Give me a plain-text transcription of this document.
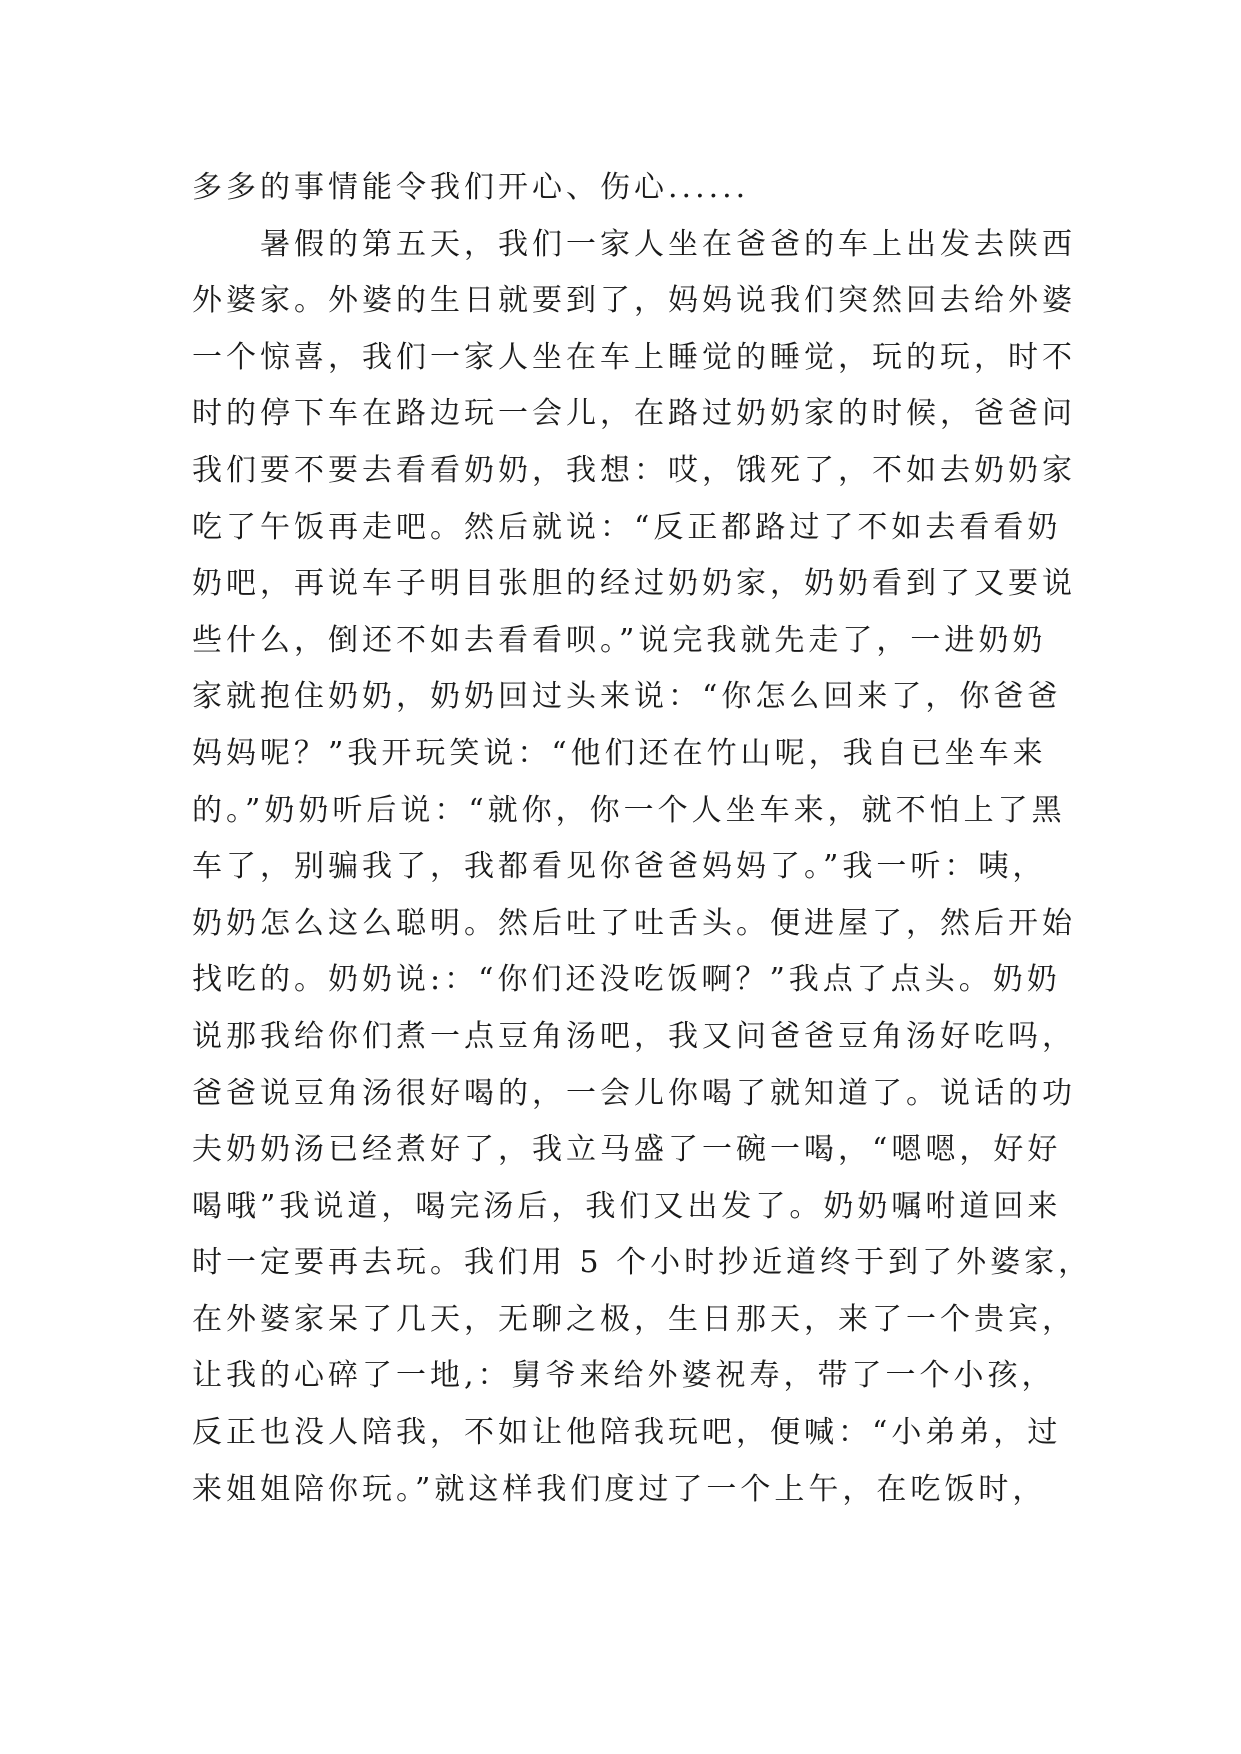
多多的事情能令我们开心、伤心......
　　暑假的第五天，我们一家人坐在爸爸的车上出发去陕西
外婆家。外婆的生日就要到了，妈妈说我们突然回去给外婆
一个惊喜，我们一家人坐在车上睡觉的睡觉，玩的玩，时不
时的停下车在路边玩一会儿，在路过奶奶家的时候，爸爸问
我们要不要去看看奶奶，我想：哎，饿死了，不如去奶奶家
吃了午饭再走吧。然后就说：“反正都路过了不如去看看奶
奶吧，再说车子明目张胆的经过奶奶家，奶奶看到了又要说
些什么，倒还不如去看看呗。”说完我就先走了，一进奶奶
家就抱住奶奶，奶奶回过头来说：“你怎么回来了，你爸爸
妈妈呢？”我开玩笑说：“他们还在竹山呢，我自已坐车来
的。”奶奶听后说：“就你，你一个人坐车来，就不怕上了黑
车了，别骗我了，我都看见你爸爸妈妈了。”我一听：咦，
奶奶怎么这么聪明。然后吐了吐舌头。便进屋了，然后开始
找吃的。奶奶说:：“你们还没吃饭啊？”我点了点头。奶奶
说那我给你们煮一点豆角汤吧，我又问爸爸豆角汤好吃吗，
爸爸说豆角汤很好喝的，一会儿你喝了就知道了。说话的功
夫奶奶汤已经煮好了，我立马盛了一碗一喝，“嗯嗯，好好
喝哦”我说道，喝完汤后，我们又出发了。奶奶嘱咐道回来
时一定要再去玩。我们用 5 个小时抄近道终于到了外婆家，
在外婆家呆了几天，无聊之极，生日那天，来了一个贵宾，
让我的心碎了一地,：舅爷来给外婆祝寿，带了一个小孩，
反正也没人陪我，不如让他陪我玩吧，便喊：“小弟弟，过
来姐姐陪你玩。”就这样我们度过了一个上午，在吃饭时，
